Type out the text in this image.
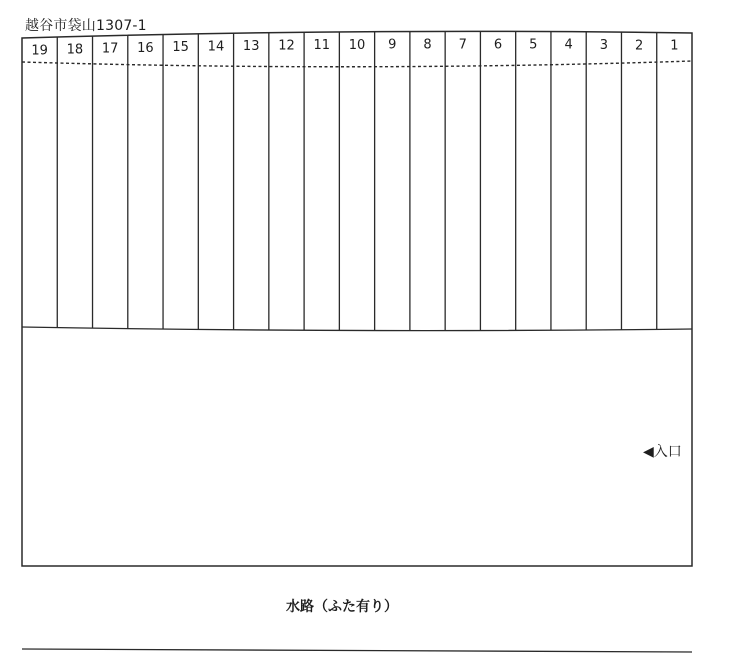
越谷市袋山1307-1
19 18 17 16 15 14 13 12 11 10 9 8 7 6 5 4 3 2 1
◀入口
水路（ふた有り）
